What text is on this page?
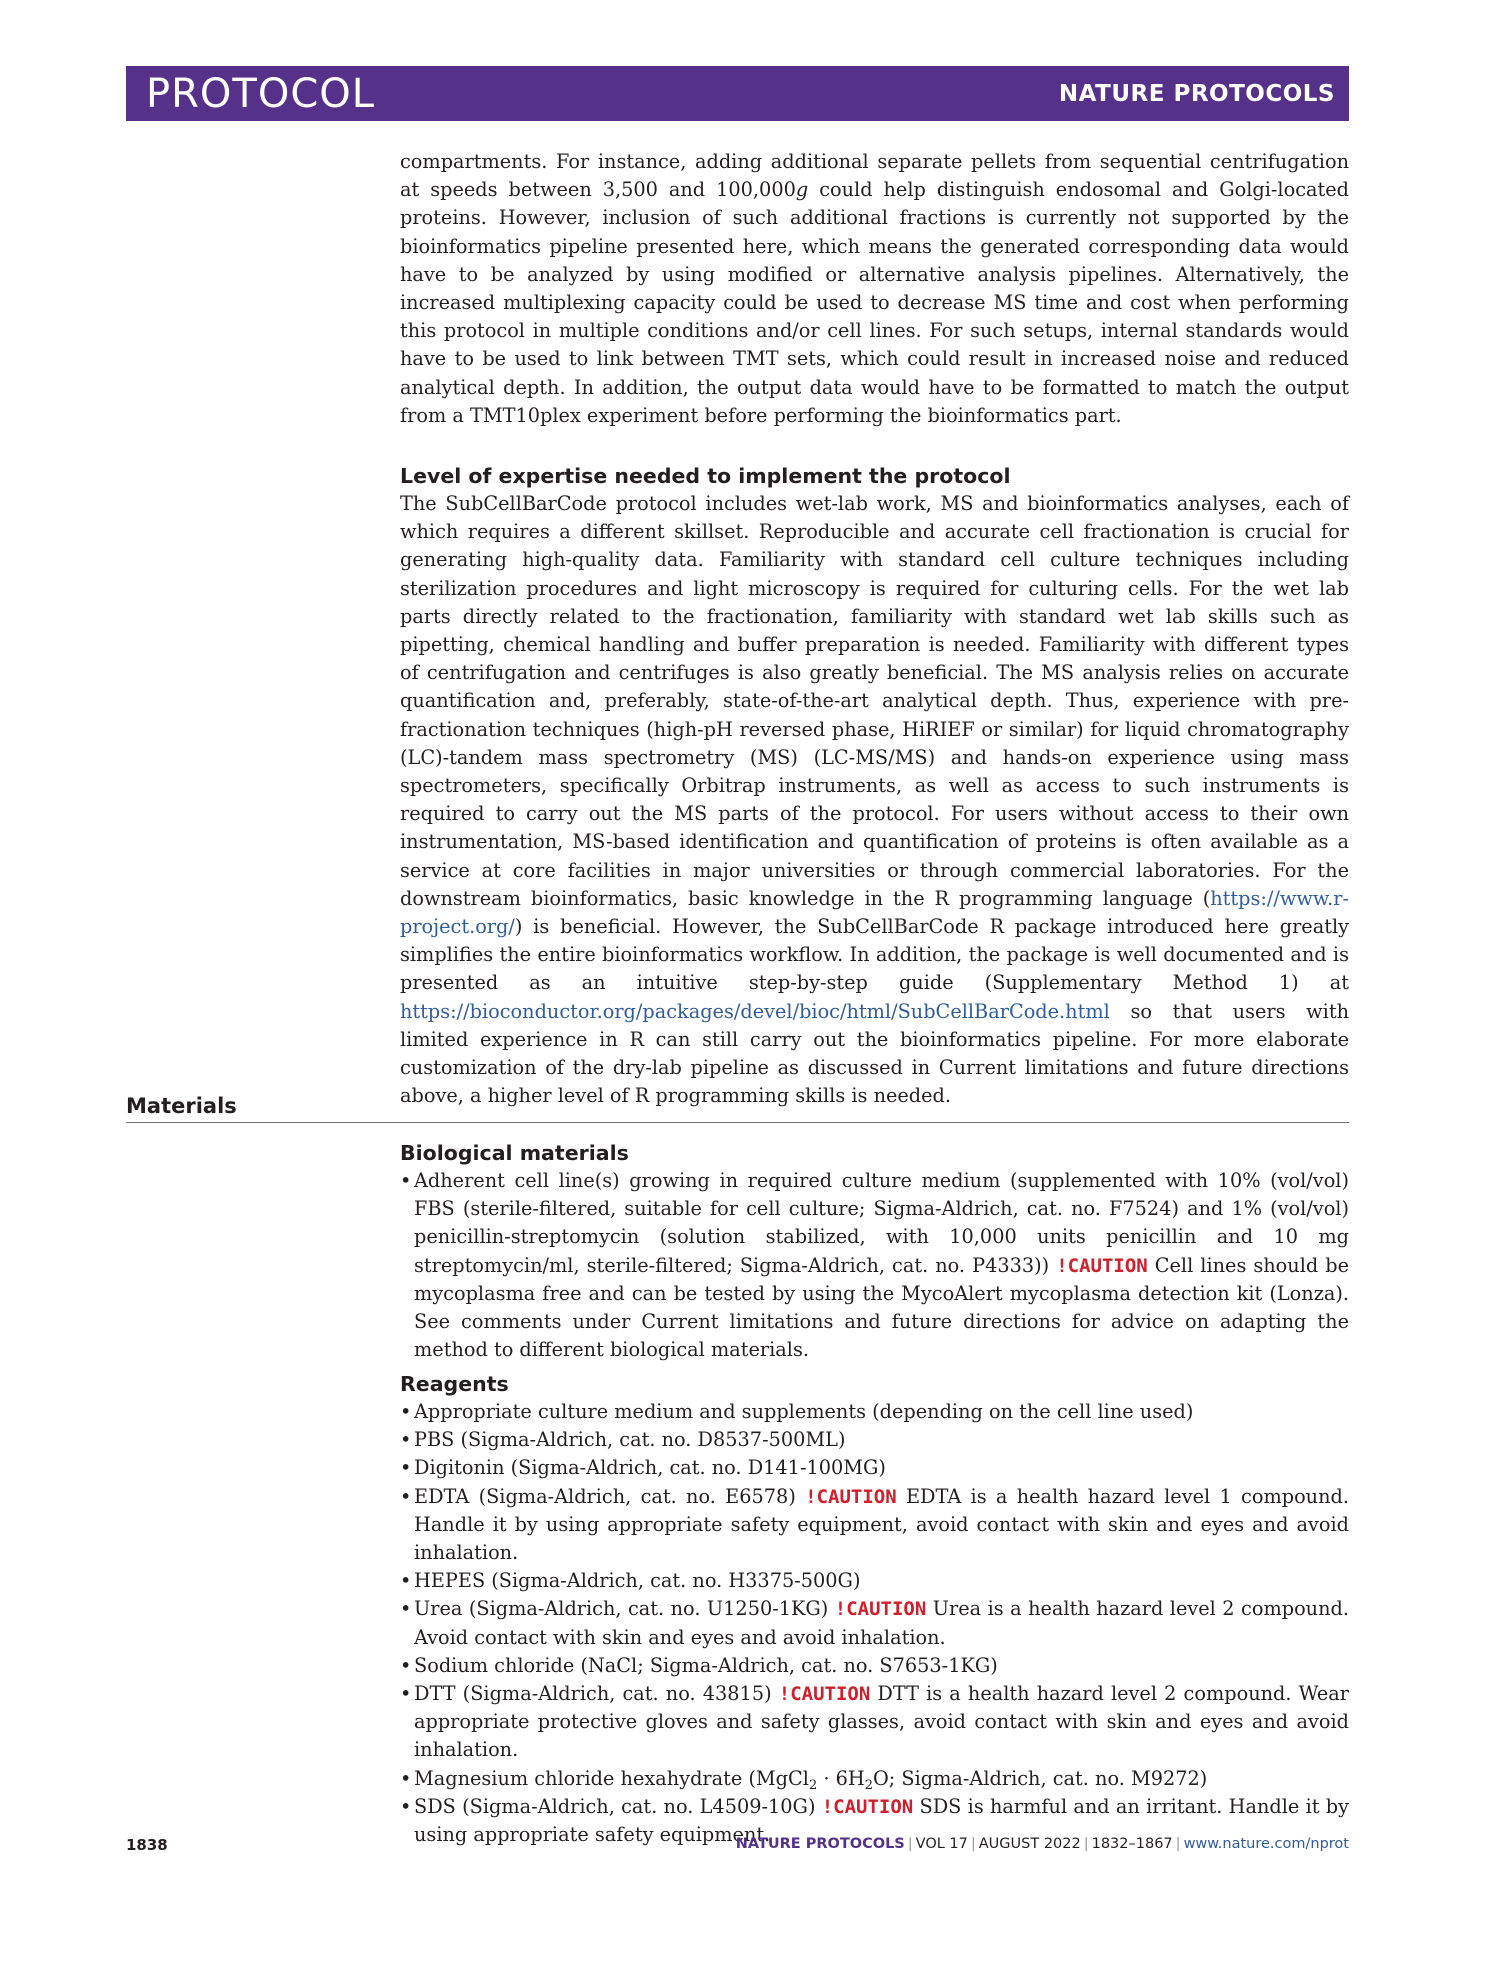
PROTOCOL	NATURE PROTOCOLS

compartments. For instance, adding additional separate pellets from sequential centrifugation at speeds between 3,500 and 100,000g could help distinguish endosomal and Golgi-located proteins. However, inclusion of such additional fractions is currently not supported by the bioinformatics pipeline presented here, which means the generated corresponding data would have to be analyzed by using modified or alternative analysis pipelines. Alternatively, the increased multiplexing capacity could be used to decrease MS time and cost when performing this protocol in multiple conditions and/or cell lines. For such setups, internal standards would have to be used to link between TMT sets, which could result in increased noise and reduced analytical depth. In addition, the output data would have to be formatted to match the output from a TMT10plex experiment before performing the bioinformatics part.

Level of expertise needed to implement the protocol

The SubCellBarCode protocol includes wet-lab work, MS and bioinformatics analyses, each of which requires a different skillset. Reproducible and accurate cell fractionation is crucial for generating high-quality data. Familiarity with standard cell culture techniques including sterilization procedures and light microscopy is required for culturing cells. For the wet lab parts directly related to the fractionation, familiarity with standard wet lab skills such as pipetting, chemical handling and buffer preparation is needed. Familiarity with different types of centrifugation and centrifuges is also greatly beneficial. The MS analysis relies on accurate quantification and, preferably, state-of-the-art analytical depth. Thus, experience with pre-fractionation techniques (high-pH reversed phase, HiRIEF or similar) for liquid chromatography (LC)-tandem mass spectrometry (MS) (LC-MS/MS) and hands-on experience using mass spectrometers, specifically Orbitrap instruments, as well as access to such instruments is required to carry out the MS parts of the protocol. For users without access to their own instrumentation, MS-based identification and quantification of proteins is often available as a service at core facilities in major universities or through commercial laboratories. For the downstream bioinformatics, basic knowledge in the R programming language (https://www.r-project.org/) is beneficial. However, the SubCellBarCode R package introduced here greatly simplifies the entire bioinformatics workflow. In addition, the package is well documented and is presented as an intuitive step-by-step guide (Supplementary Method 1) at https://bioconductor.org/packages/devel/bioc/html/SubCellBarCode.html so that users with limited experience in R can still carry out the bioinformatics pipeline. For more elaborate customization of the dry-lab pipeline as discussed in Current limitations and future directions above, a higher level of R programming skills is needed.

Materials
Biological materials
• Adherent cell line(s) growing in required culture medium (supplemented with 10% (vol/vol) FBS (sterile-filtered, suitable for cell culture; Sigma-Aldrich, cat. no. F7524) and 1% (vol/vol) penicillin-streptomycin (solution stabilized, with 10,000 units penicillin and 10 mg streptomycin/ml, sterile-filtered; Sigma-Aldrich, cat. no. P4333)) !CAUTION Cell lines should be mycoplasma free and can be tested by using the MycoAlert mycoplasma detection kit (Lonza). See comments under Current limitations and future directions for advice on adapting the method to different biological materials.
Reagents
• Appropriate culture medium and supplements (depending on the cell line used)
• PBS (Sigma-Aldrich, cat. no. D8537-500ML)
• Digitonin (Sigma-Aldrich, cat. no. D141-100MG)
• EDTA (Sigma-Aldrich, cat. no. E6578) !CAUTION EDTA is a health hazard level 1 compound. Handle it by using appropriate safety equipment, avoid contact with skin and eyes and avoid inhalation.
• HEPES (Sigma-Aldrich, cat. no. H3375-500G)
• Urea (Sigma-Aldrich, cat. no. U1250-1KG) !CAUTION Urea is a health hazard level 2 compound. Avoid contact with skin and eyes and avoid inhalation.
• Sodium chloride (NaCl; Sigma-Aldrich, cat. no. S7653-1KG)
• DTT (Sigma-Aldrich, cat. no. 43815) !CAUTION DTT is a health hazard level 2 compound. Wear appropriate protective gloves and safety glasses, avoid contact with skin and eyes and avoid inhalation.
• Magnesium chloride hexahydrate (MgCl$_2$ · $6H_2O$; Sigma-Aldrich, cat. no. M9272)
• SDS (Sigma-Aldrich, cat. no. L4509-10G) !CAUTION SDS is harmful and an irritant. Handle it by using appropriate safety equipment.
1838	NATURE PROTOCOLS | VOL 17 | AUGUST 2022 | 1832–1867 | www.nature.com/nprot
